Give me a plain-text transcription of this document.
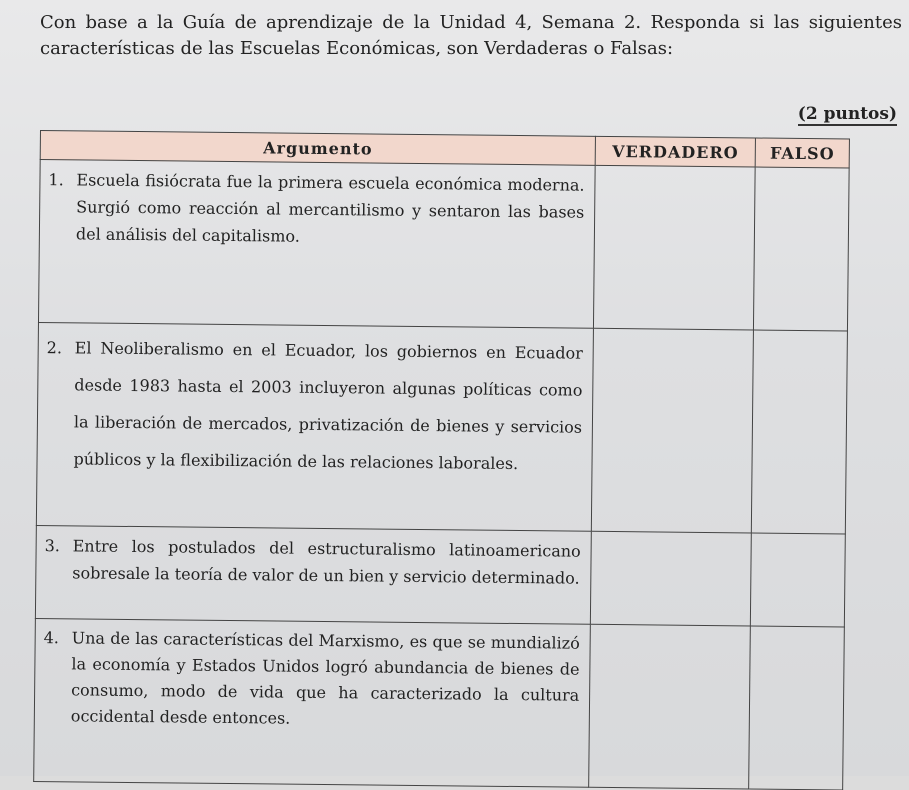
Con base a la Guía de aprendizaje de la Unidad 4, Semana 2. Responda si las siguientes características de las Escuelas Económicas, son Verdaderas o Falsas:

(2 puntos)
Argumento	VERDADERO	FALSO

1. Escuela fisiócrata fue la primera escuela económica moderna. Surgió como reacción al mercantilismo y sentaron las bases del análisis del capitalismo.		

2. El Neoliberalismo en el Ecuador, los gobiernos en Ecuador desde 1983 hasta el 2003 incluyeron algunas políticas como la liberación de mercados, privatización de bienes y servicios públicos y la flexibilización de las relaciones laborales.		

3. Entre los postulados del estructuralismo latinoamericano sobresale la teoría de valor de un bien y servicio determinado.		

4. Una de las características del Marxismo, es que se mundializó la economía y Estados Unidos logró abundancia de bienes de consumo, modo de vida que ha caracterizado la cultura occidental desde entonces.		
